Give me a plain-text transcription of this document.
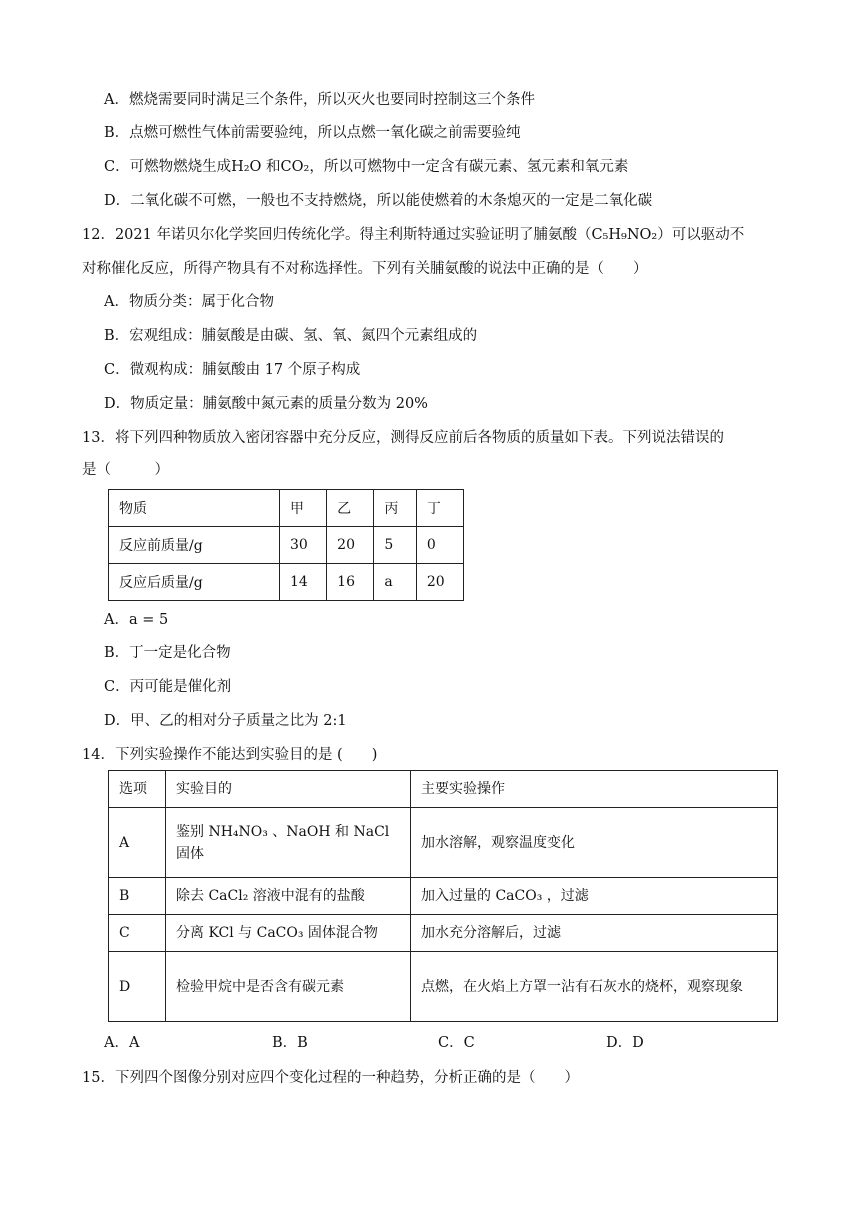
A．燃烧需要同时满足三个条件，所以灭火也要同时控制这三个条件
B．点燃可燃性气体前需要验纯，所以点燃一氧化碳之前需要验纯
C．可燃物燃烧生成H₂O 和CO₂，所以可燃物中一定含有碳元素、氢元素和氧元素
D．二氧化碳不可燃，一般也不支持燃烧，所以能使燃着的木条熄灭的一定是二氧化碳
12．2021 年诺贝尔化学奖回归传统化学。得主利斯特通过实验证明了脯氨酸（C₅H₉NO₂）可以驱动不
对称催化反应，所得产物具有不对称选择性。下列有关脯氨酸的说法中正确的是（　　）
A．物质分类：属于化合物
B．宏观组成：脯氨酸是由碳、氢、氧、氮四个元素组成的
C．微观构成：脯氨酸由 17 个原子构成
D．物质定量：脯氨酸中氮元素的质量分数为 20%
13．将下列四种物质放入密闭容器中充分反应，测得反应前后各物质的质量如下表。下列说法错误的
是（　　　）
物质	甲	乙	丙	丁
反应前质量/g	30	20	5	0
反应后质量/g	14	16	a	20
A．a = 5
B．丁一定是化合物
C．丙可能是催化剂
D．甲、乙的相对分子质量之比为 2:1
14．下列实验操作不能达到实验目的是 (　　)
选项	实验目的	主要实验操作
A	鉴别 NH₄NO₃ 、NaOH 和 NaCl 固体	加水溶解，观察温度变化
B	除去 CaCl₂ 溶液中混有的盐酸	加入过量的 CaCO₃ ，过滤
C	分离 KCl 与 CaCO₃ 固体混合物	加水充分溶解后，过滤
D	检验甲烷中是否含有碳元素	点燃，在火焰上方罩一沾有石灰水的烧杯，观察现象
A．A	B．B	C．C	D．D
15．下列四个图像分别对应四个变化过程的一种趋势，分析正确的是（　　）
